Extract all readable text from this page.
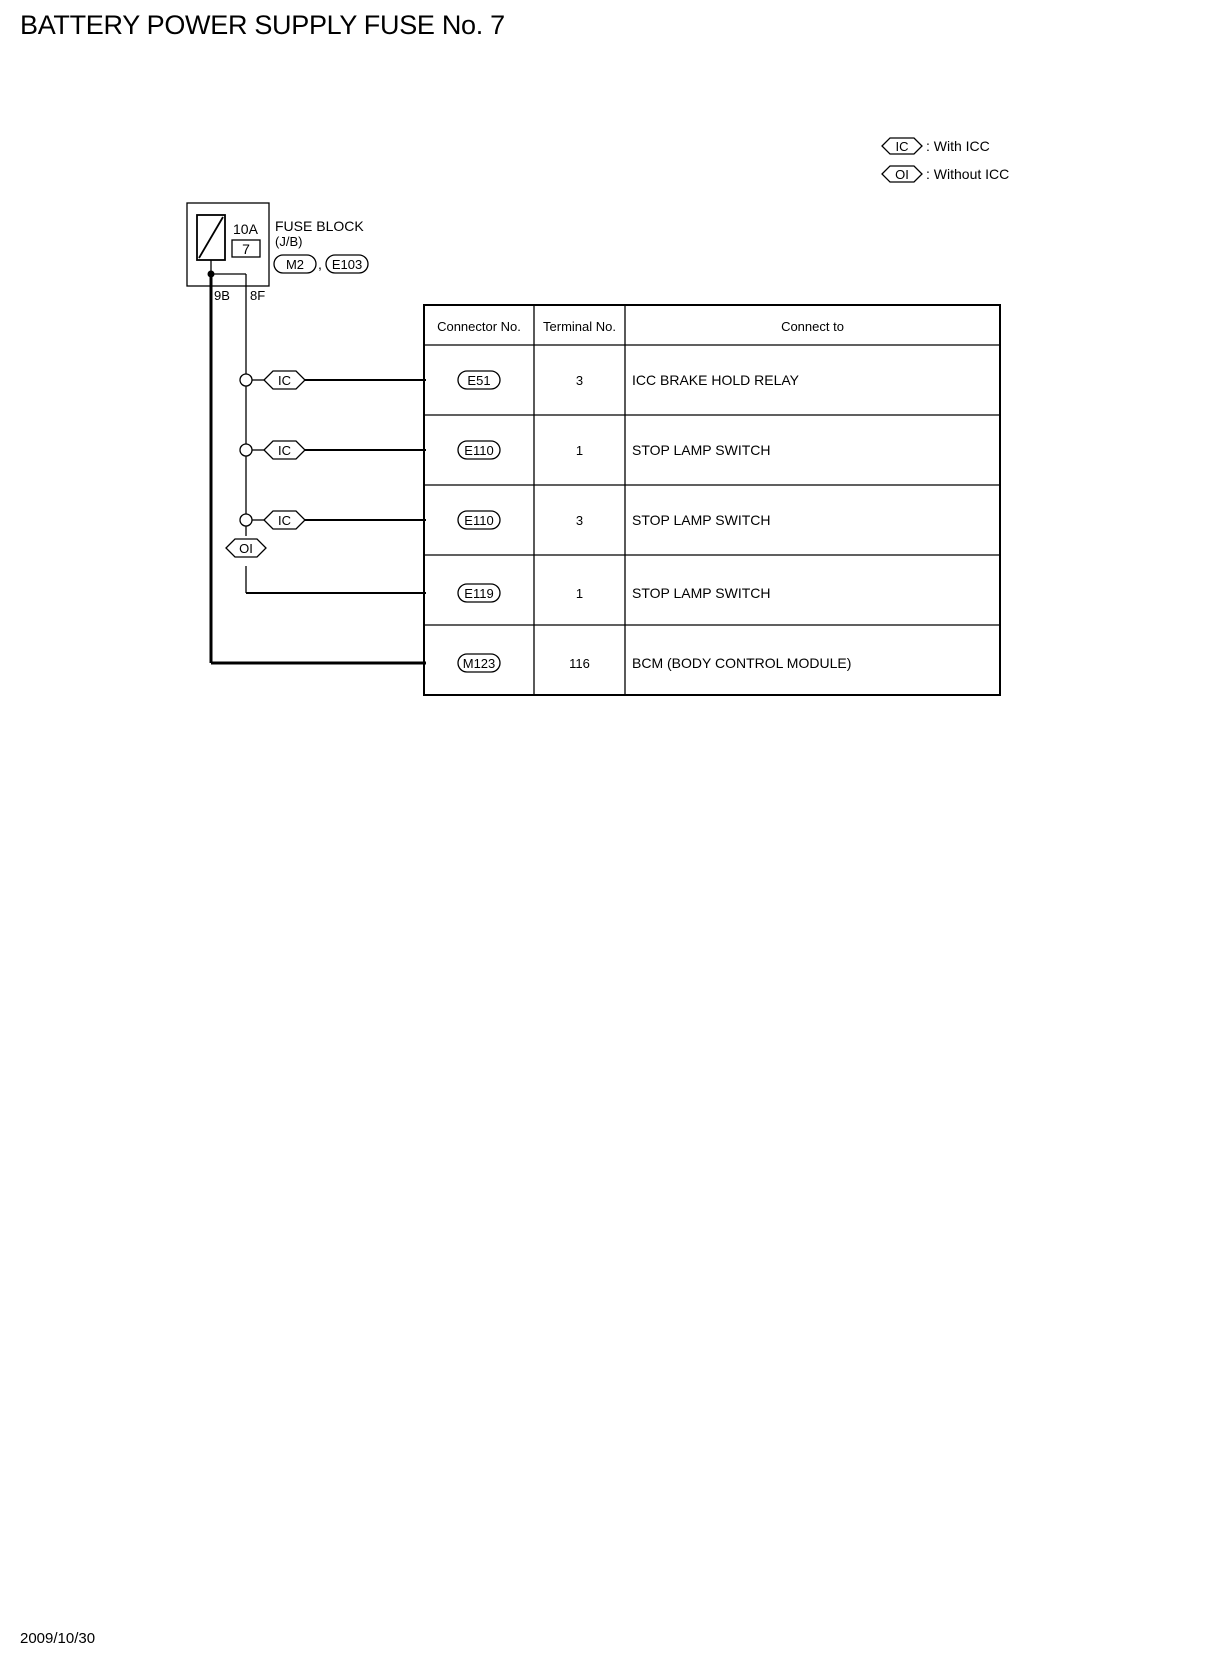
BATTERY POWER SUPPLY FUSE No. 7
IC : With ICC
OI : Without ICC
10A
7
FUSE BLOCK
(J/B)
M2 , E103
9B 8F
IC
IC
IC
OI
Connector No. Terminal No.	Connect to
E51	3	ICC BRAKE HOLD RELAY
E110	1	STOP LAMP SWITCH
E110	3	STOP LAMP SWITCH
E119	1	STOP LAMP SWITCH
M123	116	BCM (BODY CONTROL MODULE)
2009/10/30
